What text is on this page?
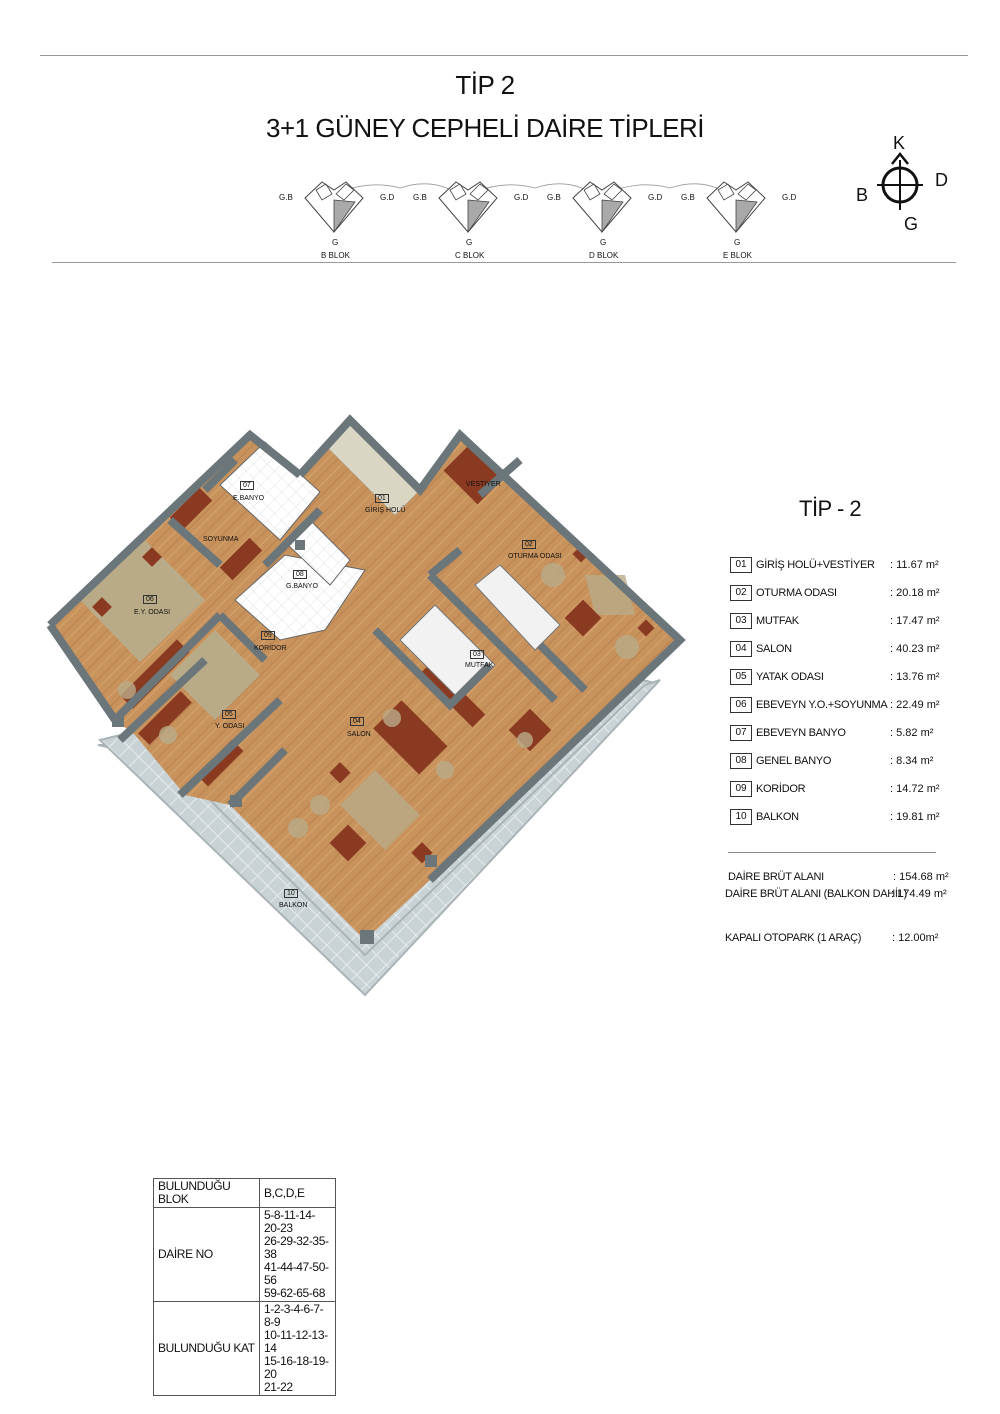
TİP 2
3+1 GÜNEY CEPHELİ DAİRE TİPLERİ
G.B	G.D
G
B BLOK
G.B	G.D
G
C BLOK
G.B	G.D
G
D BLOK
G.B	G.D
G
E BLOK
K
D
G
B
01
GİRİŞ HOLÜ
VESTİYER
02
OTURMA ODASI
03
MUTFAK
04
SALON
05
Y. ODASI
06
E.Y. ODASI
07
E.BANYO
08
G.BANYO
09
KORİDOR
10
BALKON
SOYUNMA
TİP - 2
01 GİRİŞ HOLÜ+VESTİYER : 11.67 m²
02 OTURMA ODASI	: 20.18 m²
03 MUTFAK	: 17.47 m²
04 SALON	: 40.23 m²
05 YATAK ODASI	: 13.76 m²
06 EBEVEYN Y.O.+SOYUNMA : 22.49 m²
07 EBEVEYN BANYO	: 5.82 m²
08 GENEL BANYO	: 8.34 m²
09 KORİDOR	: 14.72 m²
10 BALKON	: 19.81 m²
DAİRE BRÜT ALANI	: 154.68 m²
DAİRE BRÜT ALANI (BALKON DAHİL)
: 174.49 m²
KAPALI OTOPARK (1 ARAÇ)	: 12.00m²
BULUNDUĞU BLOK	B,C,D,E
DAİRE NO	5-8-11-14-20-23
26-29-32-35-38
41-44-47-50-56
59-62-65-68

BULUNDUĞU KAT	1-2-3-4-6-7-8-9
10-11-12-13-14
15-16-18-19-20
21-22
